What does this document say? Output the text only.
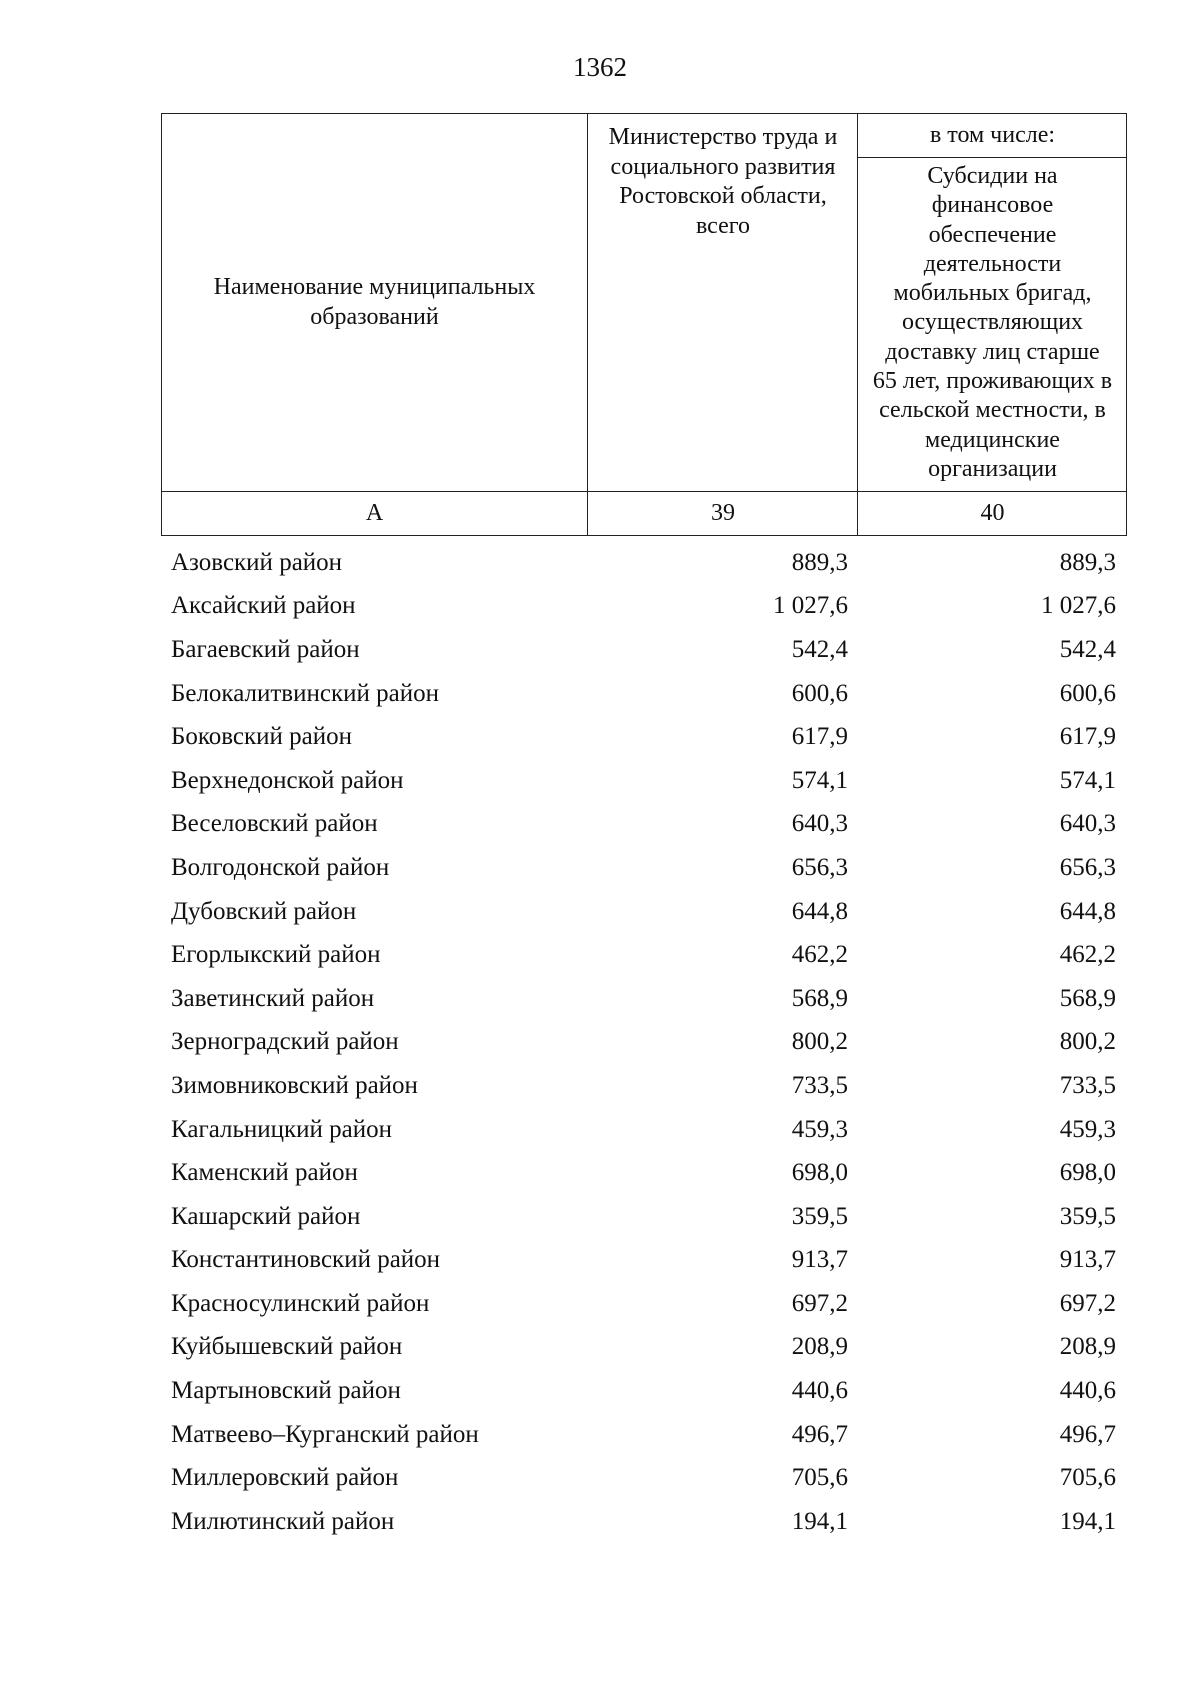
1362
Наименование муниципальных образований
Министерство труда и социального развития Ростовской области, всего
в том числе:
Субсидии на финансовое обеспечение деятельности мобильных бригад, осуществляющих доставку лиц старше 65 лет, проживающих в сельской местности, в медицинские организации
А	39	40
Азовский район	889,3	889,3
Аксайский район	1 027,6	1 027,6
Багаевский район	542,4	542,4
Белокалитвинский район	600,6	600,6
Боковский район	617,9	617,9
Верхнедонской район	574,1	574,1
Веселовский район	640,3	640,3
Волгодонской район	656,3	656,3
Дубовский район	644,8	644,8
Егорлыкский район	462,2	462,2
Заветинский район	568,9	568,9
Зерноградский район	800,2	800,2
Зимовниковский район	733,5	733,5
Кагальницкий район	459,3	459,3
Каменский район	698,0	698,0
Кашарский район	359,5	359,5
Константиновский район	913,7	913,7
Красносулинский район	697,2	697,2
Куйбышевский район	208,9	208,9
Мартыновский район	440,6	440,6
Матвеево–Курганский район	496,7	496,7
Миллеровский район	705,6	705,6
Милютинский район	194,1	194,1
